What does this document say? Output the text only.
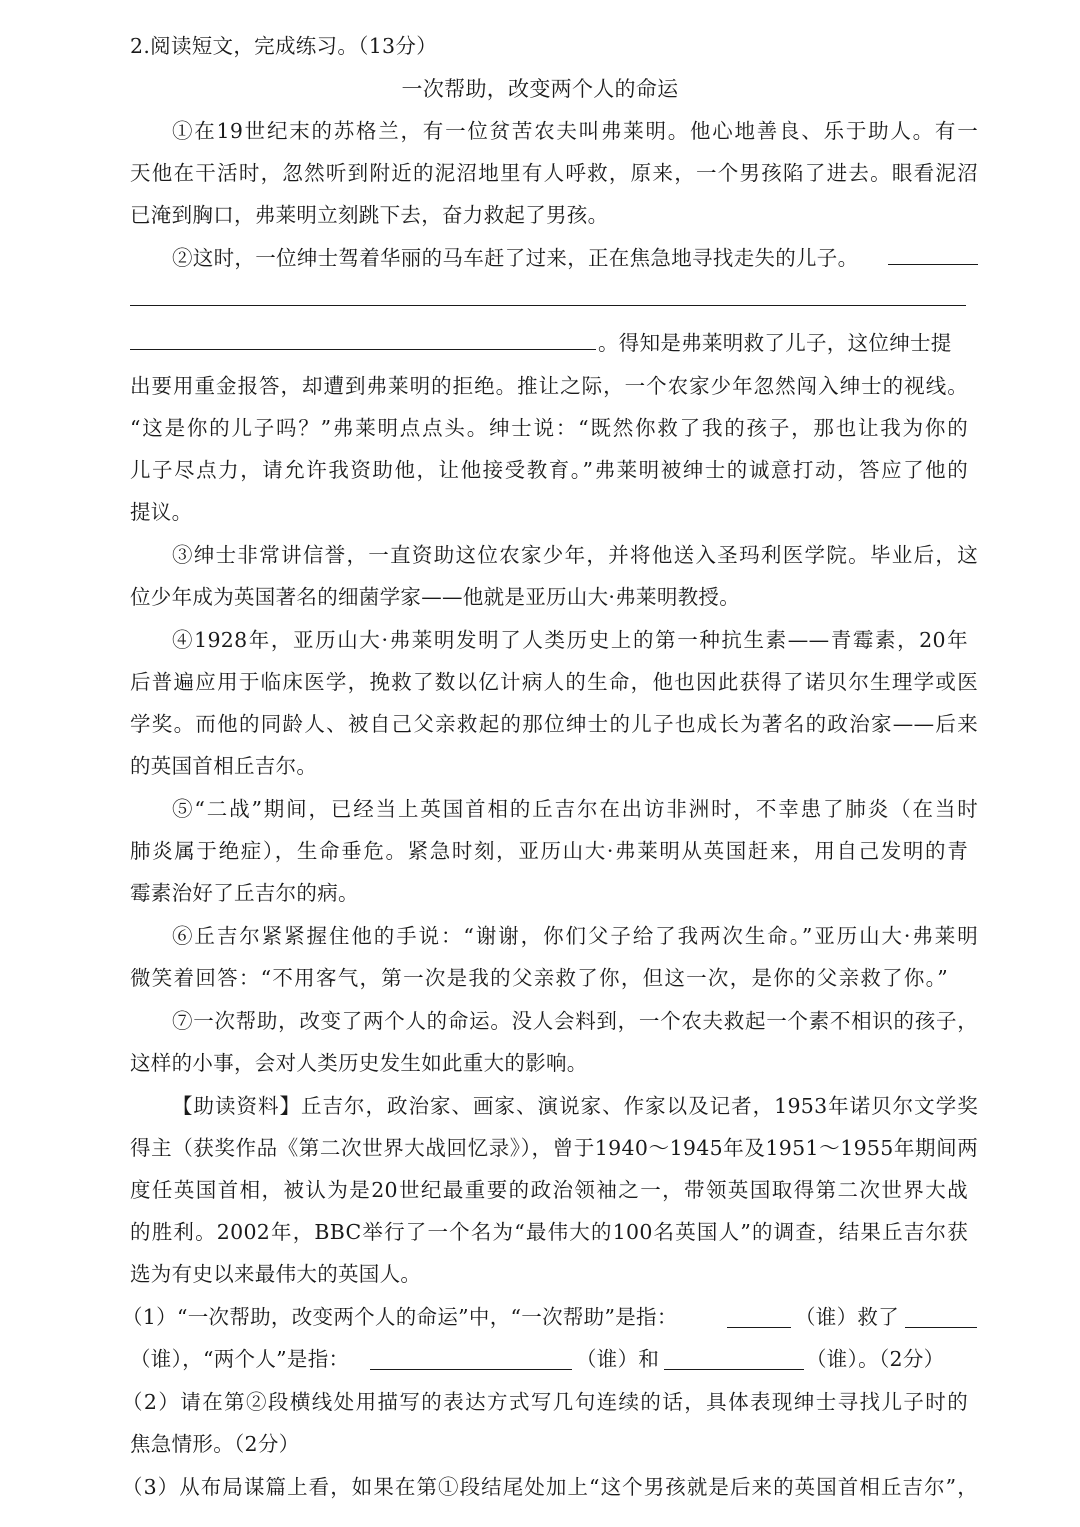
2.阅读短文，完成练习。（13分）
一次帮助，改变两个人的命运
①在19世纪末的苏格兰，有一位贫苦农夫叫弗莱明。他心地善良、乐于助人。有一
天他在干活时，忽然听到附近的泥沼地里有人呼救，原来，一个男孩陷了进去。眼看泥沼
已淹到胸口，弗莱明立刻跳下去，奋力救起了男孩。
②这时，一位绅士驾着华丽的马车赶了过来，正在焦急地寻找走失的儿子。
。得知是弗莱明救了儿子，这位绅士提
出要用重金报答，却遭到弗莱明的拒绝。推让之际，一个农家少年忽然闯入绅士的视线。
“这是你的儿子吗？”弗莱明点点头。绅士说：“既然你救了我的孩子，那也让我为你的
儿子尽点力，请允许我资助他，让他接受教育。”弗莱明被绅士的诚意打动，答应了他的
提议。
③绅士非常讲信誉，一直资助这位农家少年，并将他送入圣玛利医学院。毕业后，这
位少年成为英国著名的细菌学家——他就是亚历山大·弗莱明教授。
④1928年，亚历山大·弗莱明发明了人类历史上的第一种抗生素——青霉素，20年
后普遍应用于临床医学，挽救了数以亿计病人的生命，他也因此获得了诺贝尔生理学或医
学奖。而他的同龄人、被自己父亲救起的那位绅士的儿子也成长为著名的政治家——后来
的英国首相丘吉尔。
⑤“二战”期间，已经当上英国首相的丘吉尔在出访非洲时，不幸患了肺炎（在当时
肺炎属于绝症），生命垂危。紧急时刻，亚历山大·弗莱明从英国赶来，用自己发明的青
霉素治好了丘吉尔的病。
⑥丘吉尔紧紧握住他的手说：“谢谢，你们父子给了我两次生命。”亚历山大·弗莱明
微笑着回答：“不用客气，第一次是我的父亲救了你，但这一次，是你的父亲救了你。”
⑦一次帮助，改变了两个人的命运。没人会料到，一个农夫救起一个素不相识的孩子，
这样的小事，会对人类历史发生如此重大的影响。
【助读资料】丘吉尔，政治家、画家、演说家、作家以及记者，1953年诺贝尔文学奖
得主（获奖作品《第二次世界大战回忆录》），曾于1940～1945年及1951～1955年期间两
度任英国首相，被认为是20世纪最重要的政治领袖之一，带领英国取得第二次世界大战
的胜利。2002年，BBC举行了一个名为“最伟大的100名英国人”的调查，结果丘吉尔获
选为有史以来最伟大的英国人。
（1）“一次帮助，改变两个人的命运”中，“一次帮助”是指：	（谁）救了
（谁），“两个人”是指：	（谁）和	（谁）。（2分）
（2）请在第②段横线处用描写的表达方式写几句连续的话，具体表现绅士寻找儿子时的
焦急情形。（2分）
（3）从布局谋篇上看，如果在第①段结尾处加上“这个男孩就是后来的英国首相丘吉尔”，
